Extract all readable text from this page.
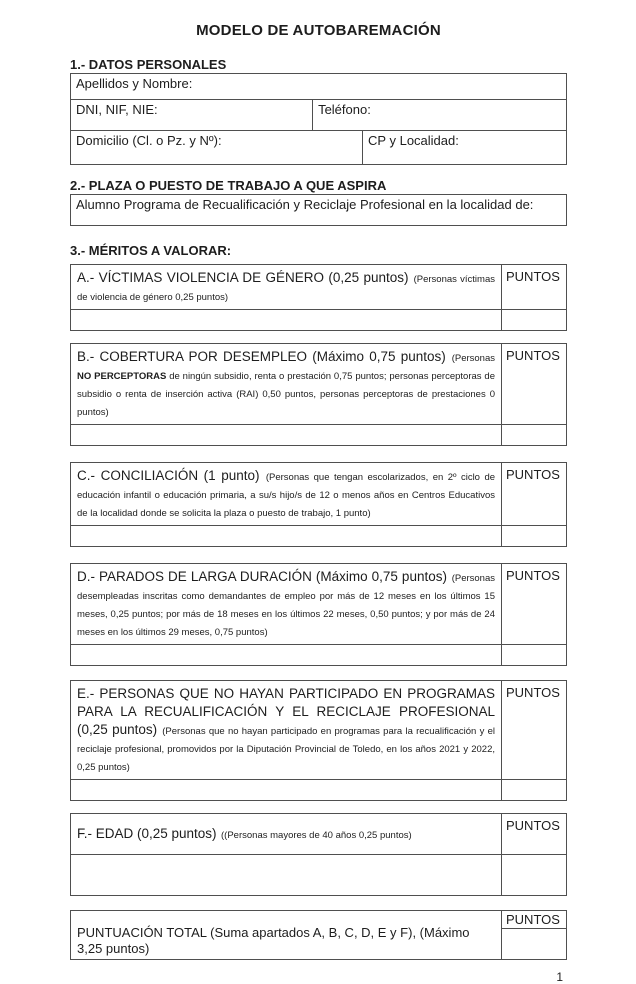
MODELO DE AUTOBAREMACIÓN
1.- DATOS PERSONALES
Apellidos y Nombre:
DNI, NIF, NIE:	Teléfono:
Domicilio (Cl. o Pz. y Nº):	CP y Localidad:
2.- PLAZA O PUESTO DE TRABAJO A QUE ASPIRA
Alumno Programa de Recualificación y Reciclaje Profesional en la localidad de:
3.- MÉRITOS A VALORAR:

A.- VÍCTIMAS VIOLENCIA DE GÉNERO (0,25 puntos) (Personas víctimas de violencia de género 0,25 puntos)

PUNTOS

B.- COBERTURA POR DESEMPLEO (Máximo 0,75 puntos) (Personas NO PERCEPTORAS de ningún subsidio, renta o prestación 0,75 puntos; personas perceptoras de subsidio o renta de inserción activa (RAI) 0,50 puntos, personas perceptoras de prestaciones 0 puntos)

PUNTOS

C.- CONCILIACIÓN (1 punto) (Personas que tengan escolarizados, en 2º ciclo de educación infantil o educación primaria, a su/s hijo/s de 12 o menos años en Centros Educativos de la localidad donde se solicita la plaza o puesto de trabajo, 1 punto)

PUNTOS

D.- PARADOS DE LARGA DURACIÓN (Máximo 0,75 puntos) (Personas desempleadas inscritas como demandantes de empleo por más de 12 meses en los últimos 15 meses, 0,25 puntos; por más de 18 meses en los últimos 22 meses, 0,50 puntos; y por más de 24 meses en los últimos 29 meses, 0,75 puntos)

PUNTOS

E.- PERSONAS QUE NO HAYAN PARTICIPADO EN PROGRAMAS PARA LA RECUALIFICACIÓN Y EL RECICLAJE PROFESIONAL (0,25 puntos) (Personas que no hayan participado en programas para la recualificación y el reciclaje profesional, promovidos por la Diputación Provincial de Toledo, en los años 2021 y 2022, 0,25 puntos)

PUNTOS

F.- EDAD (0,25 puntos) ((Personas mayores de 40 años 0,25 puntos)

PUNTOS
PUNTUACIÓN TOTAL (Suma apartados A, B, C, D, E y F), (Máximo 3,25 puntos)
PUNTOS
1
